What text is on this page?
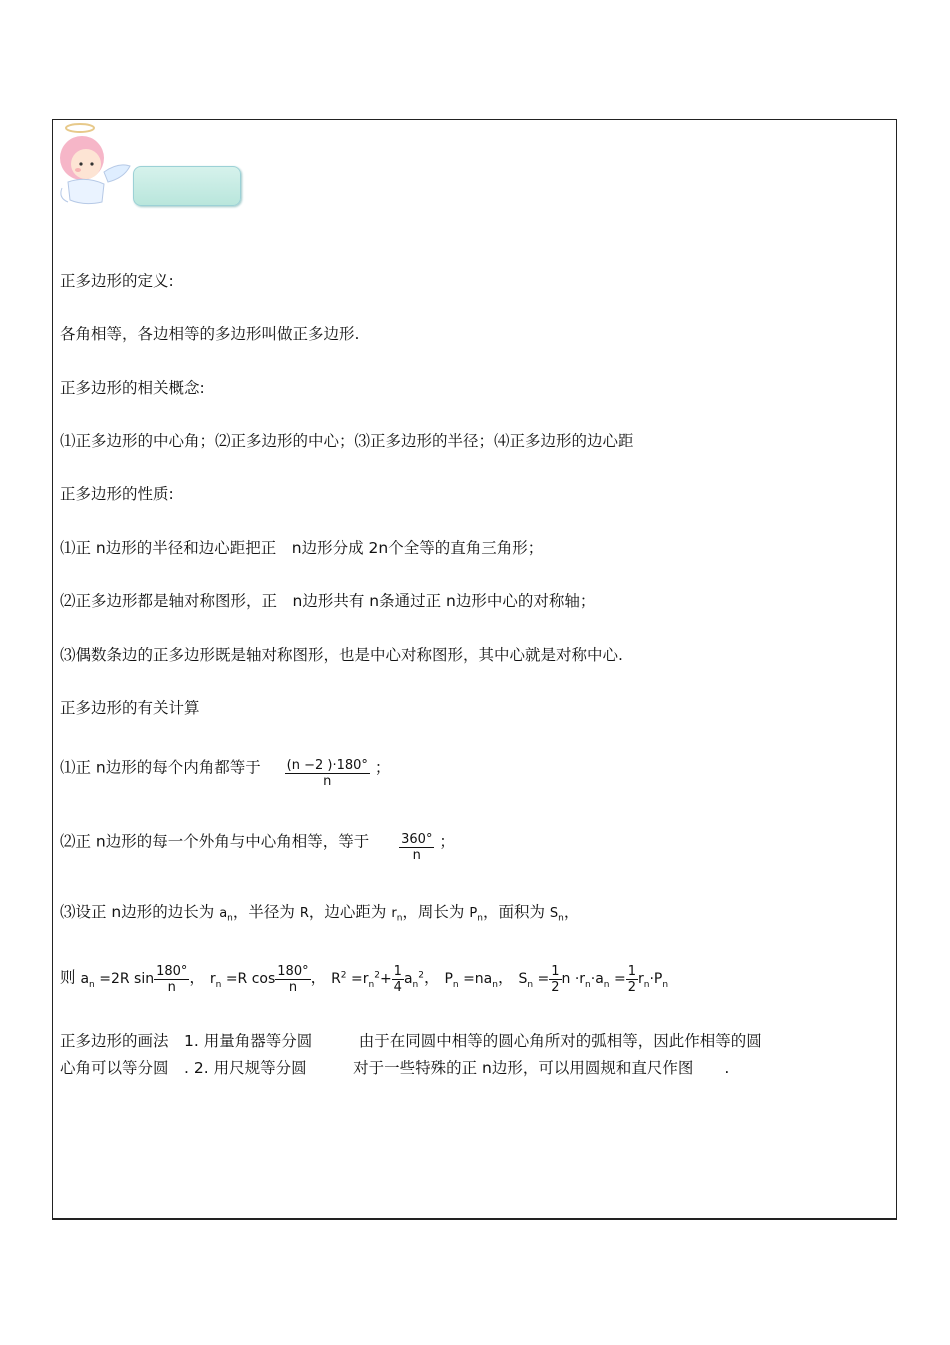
正多边形的定义:
各角相等，各边相等的多边形叫做正多边形.
正多边形的相关概念:
⑴正多边形的中心角；⑵正多边形的中心；⑶正多边形的半径；⑷正多边形的边心距
正多边形的性质:
⑴正 n边形的半径和边心距把正　n边形分成 2n个全等的直角三角形；
⑵正多边形都是轴对称图形，正　n边形共有 n条通过正 n边形中心的对称轴；
⑶偶数条边的正多边形既是轴对称图形，也是中心对称图形，其中心就是对称中心.
正多边形的有关计算
⑴正 n边形的每个内角都等于 $\frac{(n -2 )\cdot 180^\circ}{n}$ ；
⑵正 n边形的每一个外角与中心角相等，等于 $\frac{360^\circ}{n}$ ；
⑶设正 n边形的边长为 $a_n$，半径为 R，边心距为 $r_n$，周长为 $P_n$，面积为 $S_n$，
则 $a_n =2R$ $\sin \frac{180^\circ}{n}$ ， $r_n =R$ $\cos \frac{180^\circ}{n}$ ， $R^2 =r_n^2+ \frac{1}{4} a_n^2$， $P_n =na_n$， $S_n = \frac{1}{2}$ $n \cdot r_n\cdot a_n = \frac{1}{2} r_n\cdot P_n$
正多边形的画法　1. 用量角器等分圆　　　由于在同圆中相等的圆心角所对的弧相等，因此作相等的圆
心角可以等分圆　. 2. 用尺规等分圆　　　对于一些特殊的正 n边形，可以用圆规和直尺作图　　.
